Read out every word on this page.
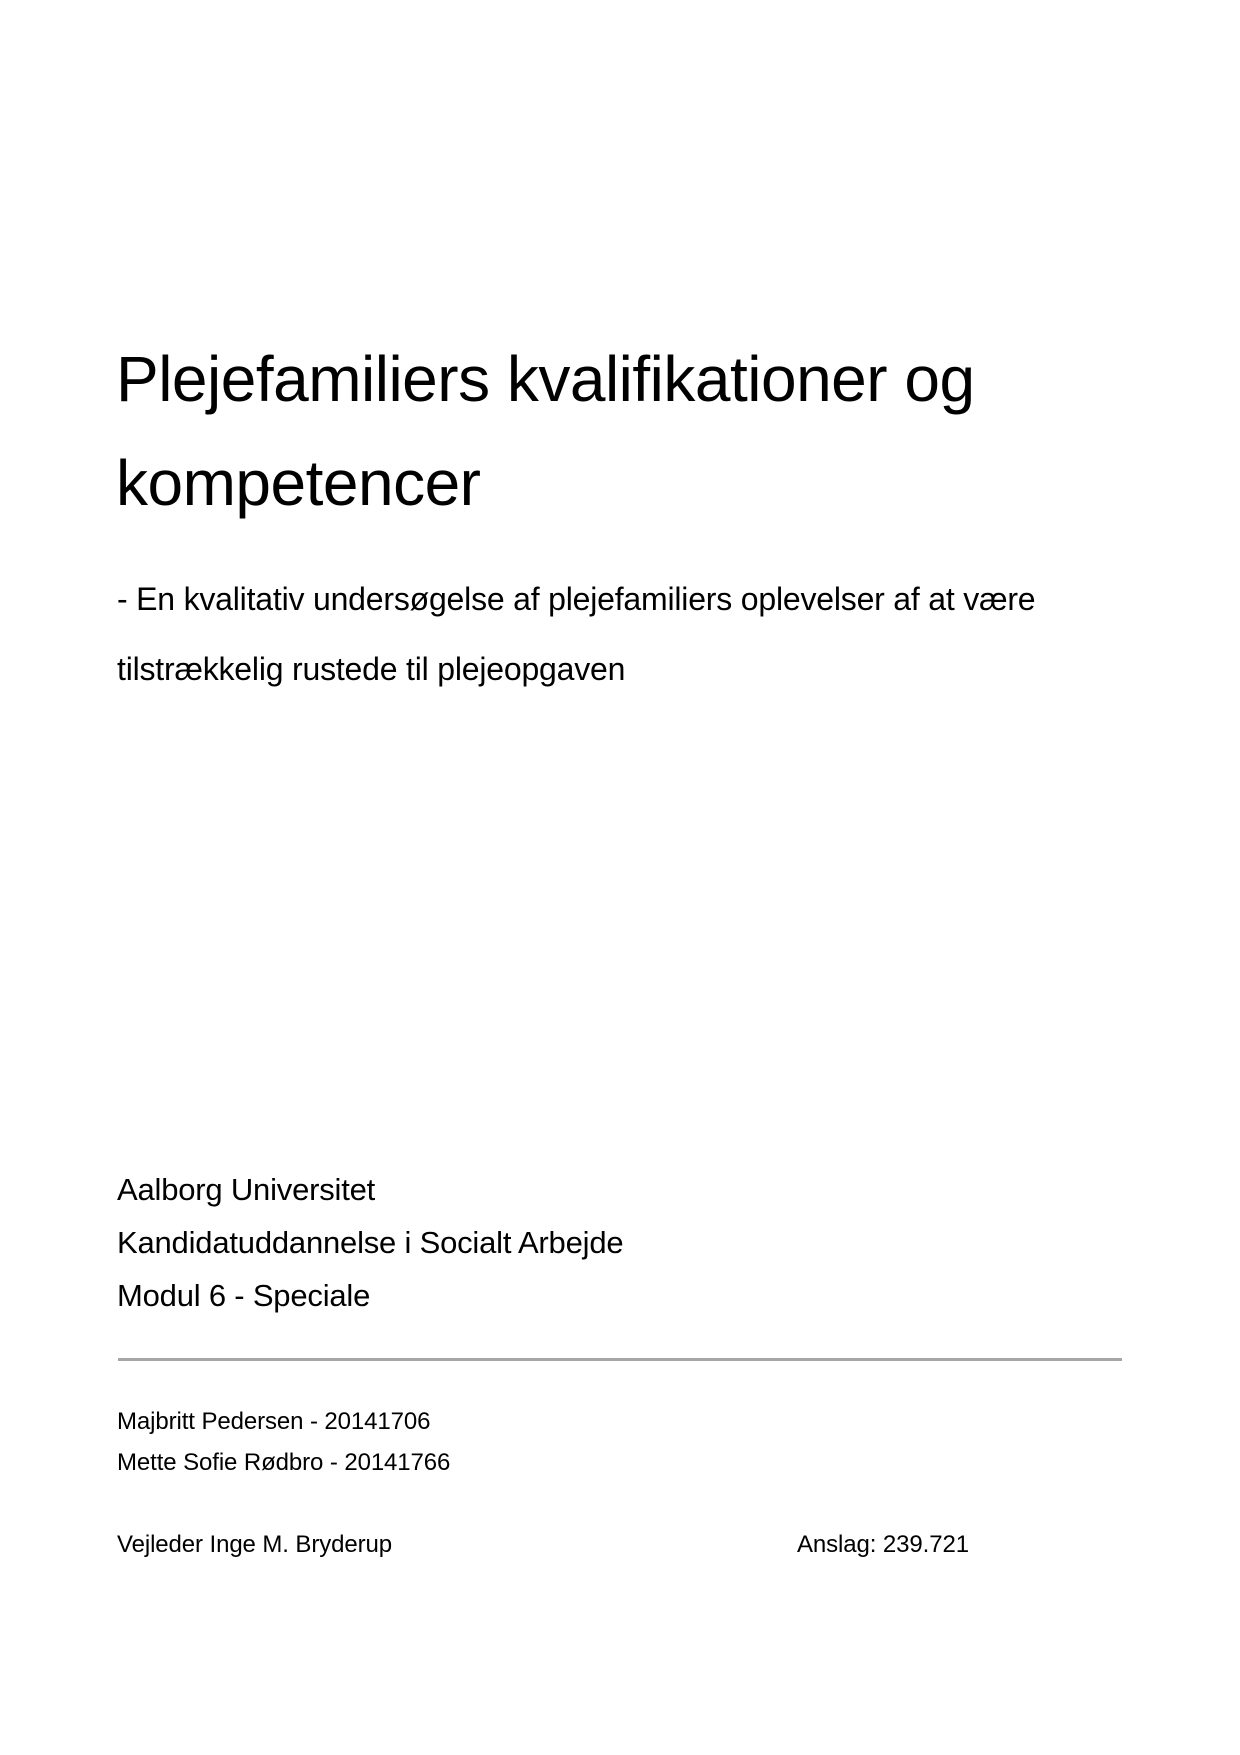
Plejefamiliers kvalifikationer og
kompetencer
- En kvalitativ undersøgelse af plejefamiliers oplevelser af at være
tilstrækkelig rustede til plejeopgaven
Aalborg Universitet
Kandidatuddannelse i Socialt Arbejde
Modul 6 - Speciale
Majbritt Pedersen - 20141706
Mette Sofie Rødbro - 20141766
Vejleder Inge M. Bryderup	Anslag: 239.721
